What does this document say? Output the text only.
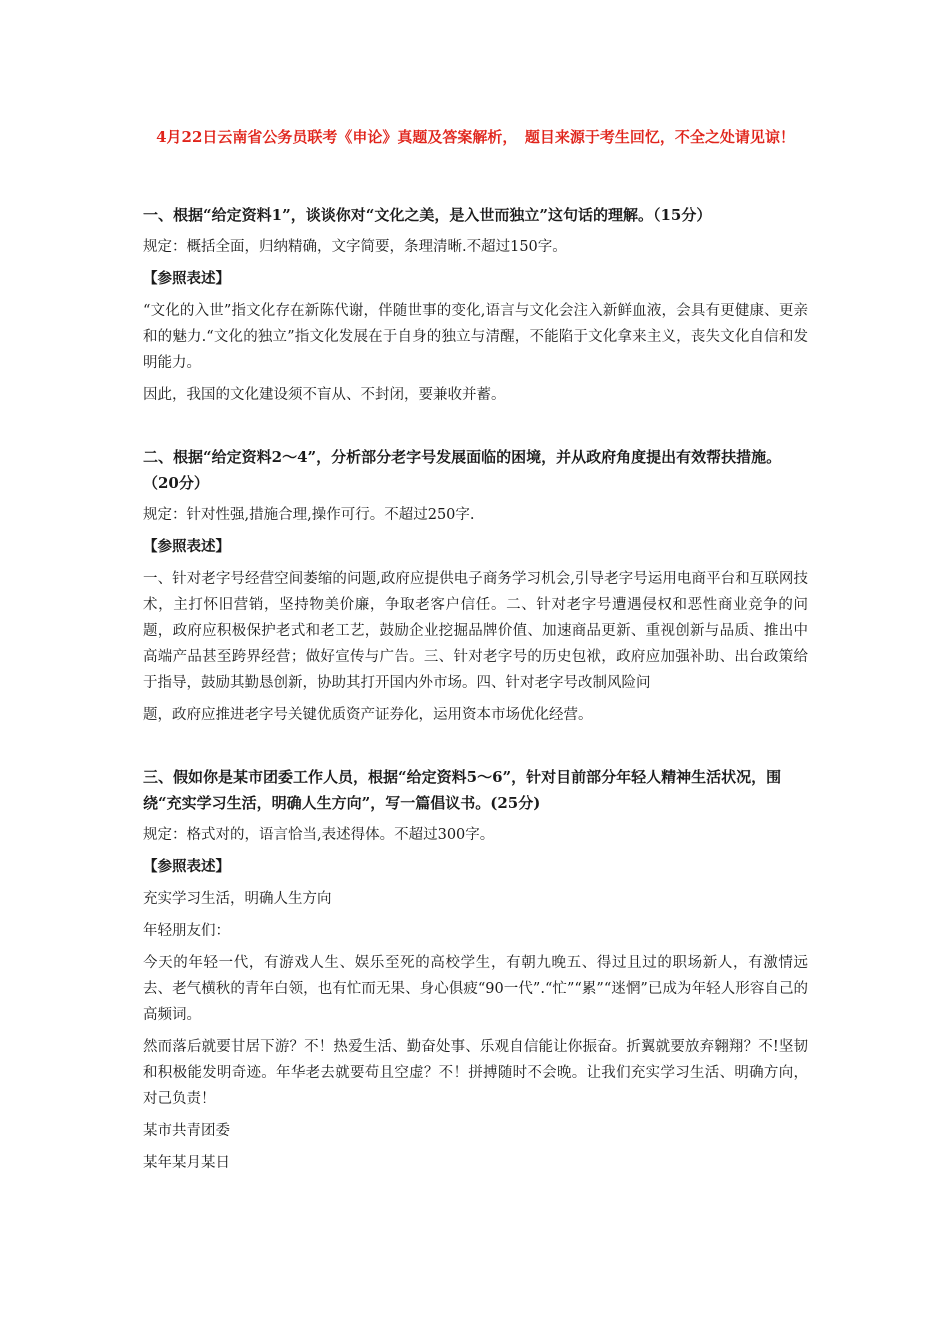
4月22日云南省公务员联考《申论》真题及答案解析，　题目来源于考生回忆，不全之处请见谅！

一、根据“给定资料1”，谈谈你对“文化之美，是入世而独立”这句话的理解。（15分）

规定：概括全面，归纳精确，文字简要，条理清晰.不超过150字。

【参照表述】

“文化的入世”指文化存在新陈代谢，伴随世事的变化,语言与文化会注入新鲜血液，会具有更健康、更亲和的魅力.“文化的独立”指文化发展在于自身的独立与清醒，不能陷于文化拿来主义，丧失文化自信和发明能力。

因此，我国的文化建设须不盲从、不封闭，要兼收并蓄。

二、根据“给定资料2～4”，分析部分老字号发展面临的困境，并从政府角度提出有效帮扶措施。（20分）

规定：针对性强,措施合理,操作可行。不超过250字.

【参照表述】

一、针对老字号经营空间萎缩的问题,政府应提供电子商务学习机会,引导老字号运用电商平台和互联网技术，主打怀旧营销，坚持物美价廉，争取老客户信任。二、针对老字号遭遇侵权和恶性商业竞争的问题，政府应积极保护老式和老工艺，鼓励企业挖掘品牌价值、加速商品更新、重视创新与品质、推出中高端产品甚至跨界经营；做好宣传与广告。三、针对老字号的历史包袱，政府应加强补助、出台政策给于指导，鼓励其勤恳创新，协助其打开国内外市场。四、针对老字号改制风险问

题，政府应推进老字号关键优质资产证券化，运用资本市场优化经营。

三、假如你是某市团委工作人员，根据“给定资料5～6”，针对目前部分年轻人精神生活状况，围绕“充实学习生活，明确人生方向”，写一篇倡议书。(25分)

规定：格式对的，语言恰当,表述得体。不超过300字。

【参照表述】

充实学习生活，明确人生方向

年轻朋友们：

今天的年轻一代，有游戏人生、娱乐至死的高校学生，有朝九晚五、得过且过的职场新人，有激情远去、老气横秋的青年白领，也有忙而无果、身心俱疲“90一代”.“忙”“累”“迷惘”已成为年轻人形容自己的高频词。

然而落后就要甘居下游？不！热爱生活、勤奋处事、乐观自信能让你振奋。折翼就要放弃翱翔？不!坚韧和积极能发明奇迹。年华老去就要苟且空虚？不！拼搏随时不会晚。让我们充实学习生活、明确方向，对己负责！

某市共青团委

某年某月某日
